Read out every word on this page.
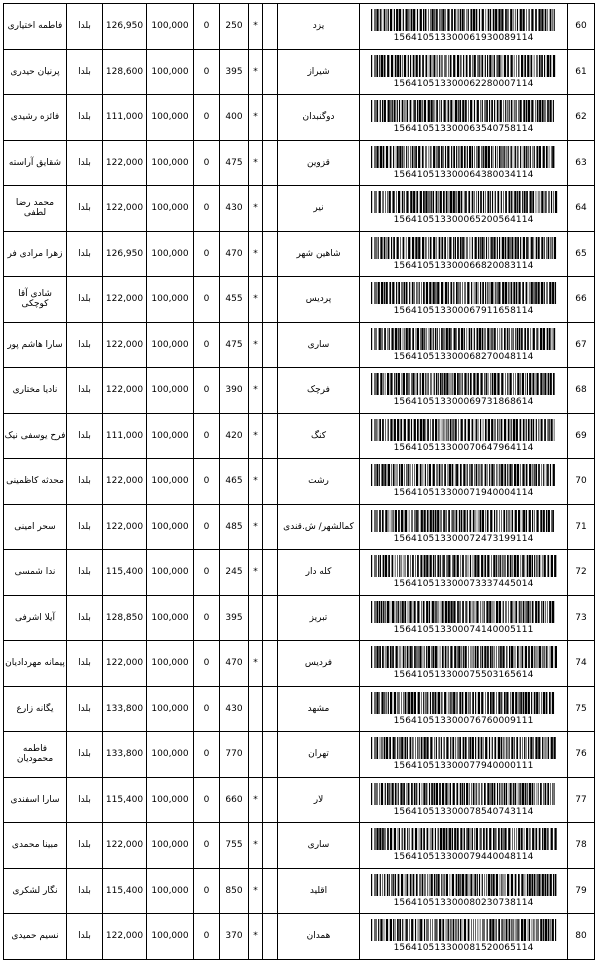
فاطمه اختیاری	بلدا	126,950	100,000	0	250	*		یزد	156410513300061930089114	60
پرنیان حیدری	بلدا	128,600	100,000	0	395	*		شیراز	156410513300062280007114	61
فائزه رشیدی	بلدا	111,000	100,000	0	400	*		دوگنبدان	156410513300063540758114	62
شقایق آراسته	بلدا	122,000	100,000	0	475	*		قزوین	156410513300064380034114	63
محمد رضا لطفی	بلدا	122,000	100,000	0	430	*		نیر	156410513300065200564114	64
زهرا مرادی فر	بلدا	126,950	100,000	0	470	*		شاهین شهر	156410513300066820083114	65
شادی آقا کوچکی	بلدا	122,000	100,000	0	455	*		پردیس	156410513300067911658114	66
سارا هاشم پور	بلدا	122,000	100,000	0	475	*		ساری	156410513300068270048114	67
نادیا مختاری	بلدا	122,000	100,000	0	390	*		فرچک	156410513300069731868614	68
فرح یوسفی نیک	بلدا	111,000	100,000	0	420	*		کنگ	156410513300070647964114	69
محدثه کاظمینی	بلدا	122,000	100,000	0	465	*		رشت	156410513300071940004114	70
سحر امینی	بلدا	122,000	100,000	0	485	*		کمالشهر/ ش.قندی	156410513300072473199114	71
ندا شمسی	بلدا	115,400	100,000	0	245	*		کله دار	156410513300073337445014	72
آیلا اشرفی	بلدا	128,850	100,000	0	395			تبریز	156410513300074140005111	73
پیمانه مهردادیان	بلدا	122,000	100,000	0	470	*		فردیس	156410513300075503165614	74
یگانه زارع	بلدا	133,800	100,000	0	430			مشهد	156410513300076760009111	75
فاطمه محمودیان	بلدا	133,800	100,000	0	770			تهران	156410513300077940000111	76
سارا اسفندی	بلدا	115,400	100,000	0	660	*		لار	156410513300078540743114	77
مبینا محمدی	بلدا	122,000	100,000	0	755	*		ساری	156410513300079440048114	78
نگار لشکری	بلدا	115,400	100,000	0	850	*		اقلید	156410513300080230738114	79
نسیم حمیدی	بلدا	122,000	100,000	0	370	*		همدان	156410513300081520065114	80
